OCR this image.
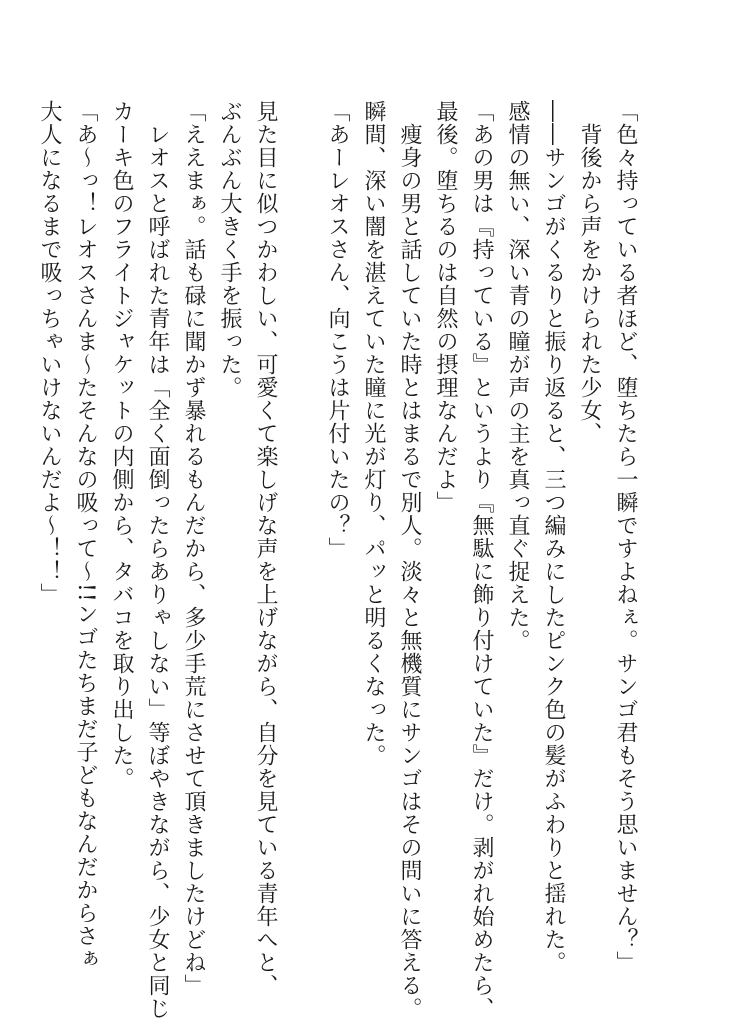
「色々持っている者ほど、堕ちたら一瞬ですよねぇ。サンゴ君もそう思いません？」
　背後から声をかけられた少女、
――サンゴがくるりと振り返ると、三つ編みにしたピンク色の髪がふわりと揺れた。
感情の無い、深い青の瞳が声の主を真っ直ぐ捉えた。
「あの男は『持っている』というより『無駄に飾り付けていた』だけ。剥がれ始めたら、
最後。堕ちるのは自然の摂理なんだよ」
　痩身の男と話していた時とはまるで別人。淡々と無機質にサンゴはその問いに答える。
瞬間、深い闇を湛えていた瞳に光が灯り、パッと明るくなった。
「あーレオスさん、向こうは片付いたの？」
見た目に似つかわしい、可愛くて楽しげな声を上げながら、自分を見ている青年へと、
ぶんぶん大きく手を振った。
「ええまぁ。話も碌に聞かず暴れるもんだから、多少手荒にさせて頂きましたけどね」
　レオスと呼ばれた青年は「全く面倒ったらありゃしない」等ぼやきながら、少女と同じ
カーキ色のフライトジャケットの内側から、タバコを取り出した。
「あ～っ！レオスさんま～たそんなの吸って～!!ンゴたちまだ子どもなんだからさぁ
大人になるまで吸っちゃいけないんだよ～！！」
